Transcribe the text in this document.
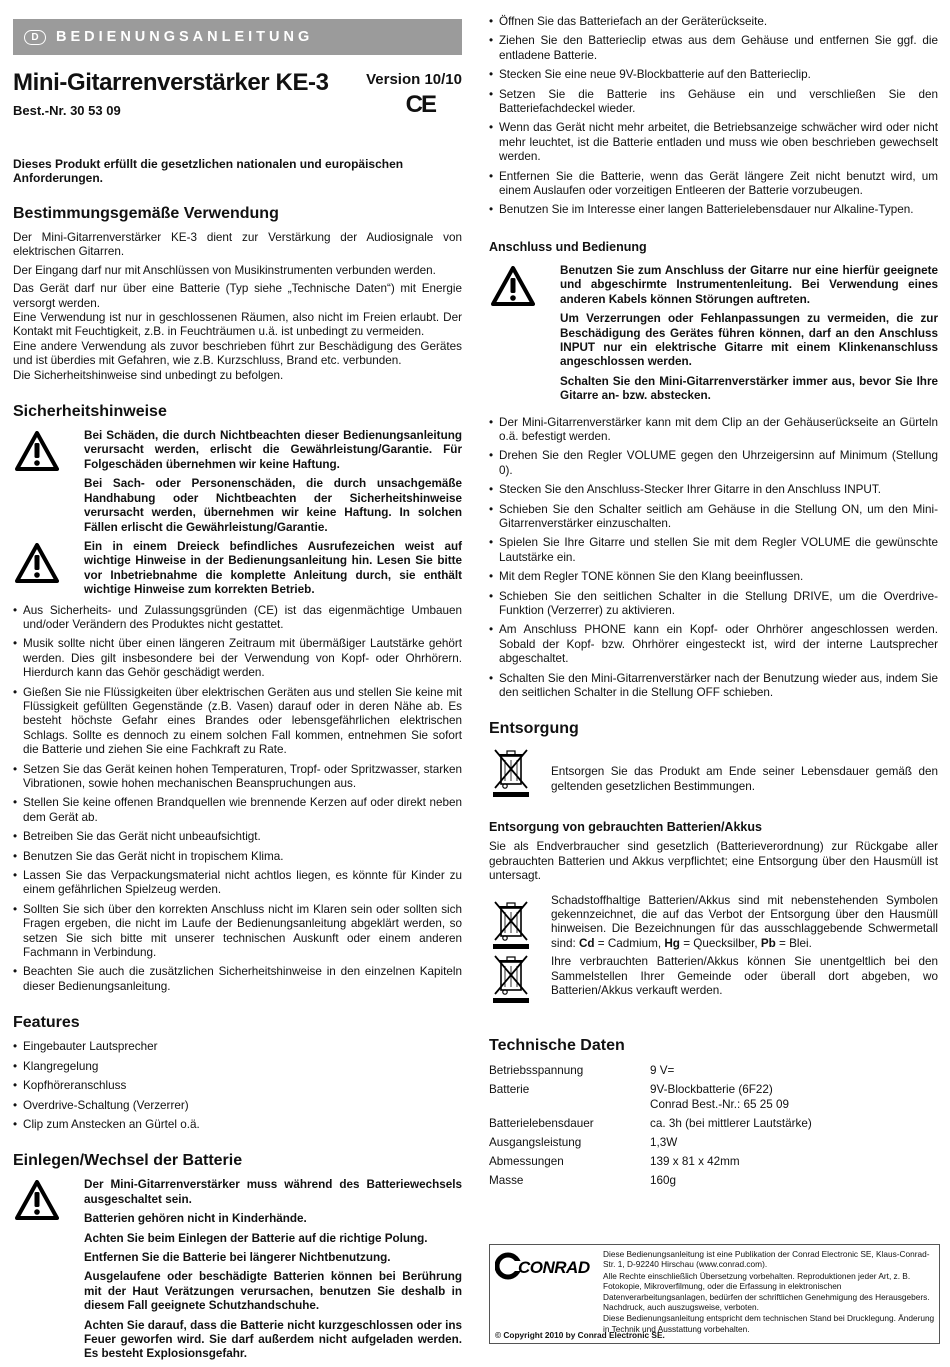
D	BEDIENUNGSANLEITUNG
Mini-Gitarrenverstärker KE-3	Version 10/10
CE
Best.-Nr. 30 53 09

Dieses Produkt erfüllt die gesetzlichen nationalen und europäischen Anforderungen.

Bestimmungsgemäße Verwendung

Der Mini-Gitarrenverstärker KE-3 dient zur Verstärkung der Audiosignale von elektrischen Gitarren.

Der Eingang darf nur mit Anschlüssen von Musikinstrumenten verbunden werden.

Das Gerät darf nur über eine Batterie (Typ siehe „Technische Daten“) mit Energie versorgt werden.

Eine Verwendung ist nur in geschlossenen Räumen, also nicht im Freien erlaubt. Der Kontakt mit Feuchtigkeit, z.B. in Feuchträumen u.ä. ist unbedingt zu vermeiden.

Eine andere Verwendung als zuvor beschrieben führt zur Beschädigung des Gerätes und ist überdies mit Gefahren, wie z.B. Kurzschluss, Brand etc. verbunden.

Die Sicherheitshinweise sind unbedingt zu befolgen.

Sicherheitshinweise

Bei Schäden, die durch Nichtbeachten dieser Bedienungsanleitung verursacht werden, erlischt die Gewährleistung/Garantie. Für Folgeschäden übernehmen wir keine Haftung.

Bei Sach- oder Personenschäden, die durch unsachgemäße Handhabung oder Nichtbeachten der Sicherheitshinweise verursacht werden, übernehmen wir keine Haftung. In solchen Fällen erlischt die Gewährleistung/Garantie.

Ein in einem Dreieck befindliches Ausrufezeichen weist auf wichtige Hinweise in der Bedienungsanleitung hin. Lesen Sie bitte vor Inbetriebnahme die komplette Anleitung durch, sie enthält wichtige Hinweise zum korrekten Betrieb.

• Aus Sicherheits- und Zulassungsgründen (CE) ist das eigenmächtige Umbauen und/oder Verändern des Produktes nicht gestattet.
• Musik sollte nicht über einen längeren Zeitraum mit übermäßiger Lautstärke gehört werden. Dies gilt insbesondere bei der Verwendung von Kopf- oder Ohrhörern. Hierdurch kann das Gehör geschädigt werden.
• Gießen Sie nie Flüssigkeiten über elektrischen Geräten aus und stellen Sie keine mit Flüssigkeit gefüllten Gegenstände (z.B. Vasen) darauf oder in deren Nähe ab. Es besteht höchste Gefahr eines Brandes oder lebensgefährlichen elektrischen Schlags. Sollte es dennoch zu einem solchen Fall kommen, entnehmen Sie sofort die Batterie und ziehen Sie eine Fachkraft zu Rate.
• Setzen Sie das Gerät keinen hohen Temperaturen, Tropf- oder Spritzwasser, starken Vibrationen, sowie hohen mechanischen Beanspruchungen aus.
• Stellen Sie keine offenen Brandquellen wie brennende Kerzen auf oder direkt neben dem Gerät ab.
• Betreiben Sie das Gerät nicht unbeaufsichtigt.
• Benutzen Sie das Gerät nicht in tropischem Klima.
• Lassen Sie das Verpackungsmaterial nicht achtlos liegen, es könnte für Kinder zu einem gefährlichen Spielzeug werden.
• Sollten Sie sich über den korrekten Anschluss nicht im Klaren sein oder sollten sich Fragen ergeben, die nicht im Laufe der Bedienungsanleitung abgeklärt werden, so setzen Sie sich bitte mit unserer technischen Auskunft oder einem anderen Fachmann in Verbindung.
• Beachten Sie auch die zusätzlichen Sicherheitshinweise in den einzelnen Kapiteln dieser Bedienungsanleitung.
Features
• Eingebauter Lautsprecher
• Klangregelung
• Kopfhöreranschluss
• Overdrive-Schaltung (Verzerrer)
• Clip zum Anstecken an Gürtel o.ä.
Einlegen/Wechsel der Batterie

Der Mini-Gitarrenverstärker muss während des Batteriewechsels ausgeschaltet sein.

Batterien gehören nicht in Kinderhände.

Achten Sie beim Einlegen der Batterie auf die richtige Polung.

Entfernen Sie die Batterie bei längerer Nichtbenutzung.

Ausgelaufene oder beschädigte Batterien können bei Berührung mit der Haut Verätzungen verursachen, benutzen Sie deshalb in diesem Fall geeignete Schutzhandschuhe.

Achten Sie darauf, dass die Batterie nicht kurzgeschlossen oder ins Feuer geworfen wird. Sie darf außerdem nicht aufgeladen werden. Es besteht Explosionsgefahr.

• Öffnen Sie das Batteriefach an der Geräterückseite.
• Ziehen Sie den Batterieclip etwas aus dem Gehäuse und entfernen Sie ggf. die entladene Batterie.
• Stecken Sie eine neue 9V-Blockbatterie auf den Batterieclip.
• Setzen Sie die Batterie ins Gehäuse ein und verschließen Sie den Batteriefachdeckel wieder.
• Wenn das Gerät nicht mehr arbeitet, die Betriebsanzeige schwächer wird oder nicht mehr leuchtet, ist die Batterie entladen und muss wie oben beschrieben gewechselt werden.
• Entfernen Sie die Batterie, wenn das Gerät längere Zeit nicht benutzt wird, um einem Auslaufen oder vorzeitigen Entleeren der Batterie vorzubeugen.
• Benutzen Sie im Interesse einer langen Batterielebensdauer nur Alkaline-Typen.
Anschluss und Bedienung

Benutzen Sie zum Anschluss der Gitarre nur eine hierfür geeignete und abgeschirmte Instrumentenleitung. Bei Verwendung eines anderen Kabels können Störungen auftreten.

Um Verzerrungen oder Fehlanpassungen zu vermeiden, die zur Beschädigung des Gerätes führen können, darf an den Anschluss INPUT nur ein elektrische Gitarre mit einem Klinkenanschluss angeschlossen werden.

Schalten Sie den Mini-Gitarrenverstärker immer aus, bevor Sie Ihre Gitarre an- bzw. abstecken.

• Der Mini-Gitarrenverstärker kann mit dem Clip an der Gehäuserückseite an Gürteln o.ä. befestigt werden.
• Drehen Sie den Regler VOLUME gegen den Uhrzeigersinn auf Minimum (Stellung 0).
• Stecken Sie den Anschluss-Stecker Ihrer Gitarre in den Anschluss INPUT.
• Schieben Sie den Schalter seitlich am Gehäuse in die Stellung ON, um den Mini-Gitarrenverstärker einzuschalten.
• Spielen Sie Ihre Gitarre und stellen Sie mit dem Regler VOLUME die gewünschte Lautstärke ein.
• Mit dem Regler TONE können Sie den Klang beeinflussen.
• Schieben Sie den seitlichen Schalter in die Stellung DRIVE, um die Overdrive-Funktion (Verzerrer) zu aktivieren.
• Am Anschluss PHONE kann ein Kopf- oder Ohrhörer angeschlossen werden. Sobald der Kopf- bzw. Ohrhörer eingesteckt ist, wird der interne Lautsprecher abgeschaltet.
• Schalten Sie den Mini-Gitarrenverstärker nach der Benutzung wieder aus, indem Sie den seitlichen Schalter in die Stellung OFF schieben.
Entsorgung

Entsorgen Sie das Produkt am Ende seiner Lebensdauer gemäß den geltenden gesetzlichen Bestimmungen.

Entsorgung von gebrauchten Batterien/Akkus

Sie als Endverbraucher sind gesetzlich (Batterieverordnung) zur Rückgabe aller gebrauchten Batterien und Akkus verpflichtet; eine Entsorgung über den Hausmüll ist untersagt.

Schadstoffhaltige Batterien/Akkus sind mit nebenstehenden Symbolen gekennzeichnet, die auf das Verbot der Entsorgung über den Hausmüll hinweisen. Die Bezeichnungen für das ausschlaggebende Schwermetall sind: Cd = Cadmium, Hg = Quecksilber, Pb = Blei.

Ihre verbrauchten Batterien/Akkus können Sie unentgeltlich bei den Sammelstellen Ihrer Gemeinde oder überall dort abgeben, wo Batterien/Akkus verkauft werden.

Technische Daten
Betriebsspannung	9 V=
Batterie	9V-Blockbatterie (6F22)
	Conrad Best.-Nr.: 65 25 09
Batterielebensdauer	ca. 3h (bei mittlerer Lautstärke)
Ausgangsleistung	1,3W
Abmessungen	139 x 81 x 42mm
Masse	160g
CONRAD

Diese Bedienungsanleitung ist eine Publikation der Conrad Electronic SE, Klaus-Conrad-Str. 1, D-92240 Hirschau (www.conrad.com).

Alle Rechte einschließlich Übersetzung vorbehalten. Reproduktionen jeder Art, z. B. Fotokopie, Mikroverfilmung, oder die Erfassung in elektronischen Datenverarbeitungsanlagen, bedürfen der schriftlichen Genehmigung des Herausgebers. Nachdruck, auch auszugsweise, verboten.

Diese Bedienungsanleitung entspricht dem technischen Stand bei Drucklegung. Änderung in Technik und Ausstattung vorbehalten.

© Copyright 2010 by Conrad Electronic SE.
